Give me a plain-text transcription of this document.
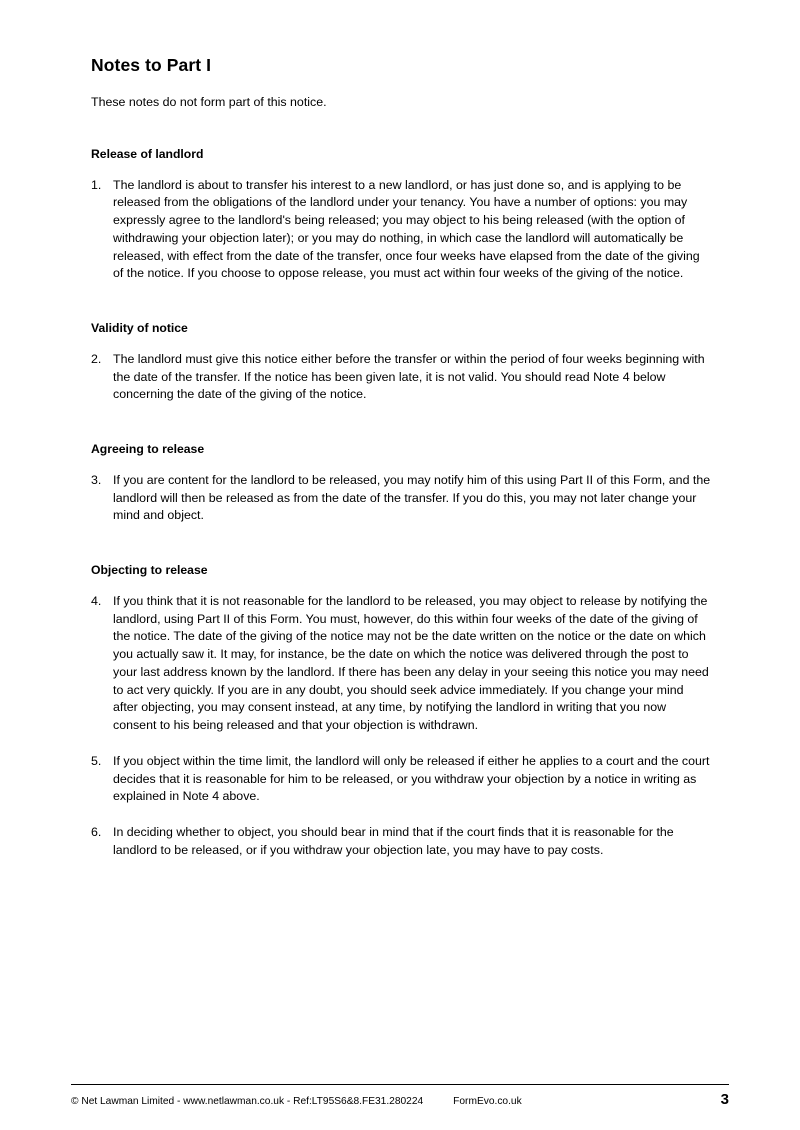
Notes to Part I

These notes do not form part of this notice.

Release of landlord
1. The landlord is about to transfer his interest to a new landlord, or has just done so, and is applying to be released from the obligations of the landlord under your tenancy. You have a number of options: you may expressly agree to the landlord's being released; you may object to his being released (with the option of withdrawing your objection later); or you may do nothing, in which case the landlord will automatically be released, with effect from the date of the transfer, once four weeks have elapsed from the date of the giving of the notice. If you choose to oppose release, you must act within four weeks of the giving of the notice.
Validity of notice
2. The landlord must give this notice either before the transfer or within the period of four weeks beginning with the date of the transfer. If the notice has been given late, it is not valid. You should read Note 4 below concerning the date of the giving of the notice.
Agreeing to release
3. If you are content for the landlord to be released, you may notify him of this using Part II of this Form, and the landlord will then be released as from the date of the transfer. If you do this, you may not later change your mind and object.
Objecting to release
4. If you think that it is not reasonable for the landlord to be released, you may object to release by notifying the landlord, using Part II of this Form. You must, however, do this within four weeks of the date of the giving of the notice. The date of the giving of the notice may not be the date written on the notice or the date on which you actually saw it. It may, for instance, be the date on which the notice was delivered through the post to your last address known by the landlord. If there has been any delay in your seeing this notice you may need to act very quickly. If you are in any doubt, you should seek advice immediately. If you change your mind after objecting, you may consent instead, at any time, by notifying the landlord in writing that you now consent to his being released and that your objection is withdrawn.
5. If you object within the time limit, the landlord will only be released if either he applies to a court and the court decides that it is reasonable for him to be released, or you withdraw your objection by a notice in writing as explained in Note 4 above.
6. In deciding whether to object, you should bear in mind that if the court finds that it is reasonable for the landlord to be released, or if you withdraw your objection late, you may have to pay costs.
© Net Lawman Limited - www.netlawman.co.uk - Ref:LT95S6&8.FE31.280224	FormEvo.co.uk	3
